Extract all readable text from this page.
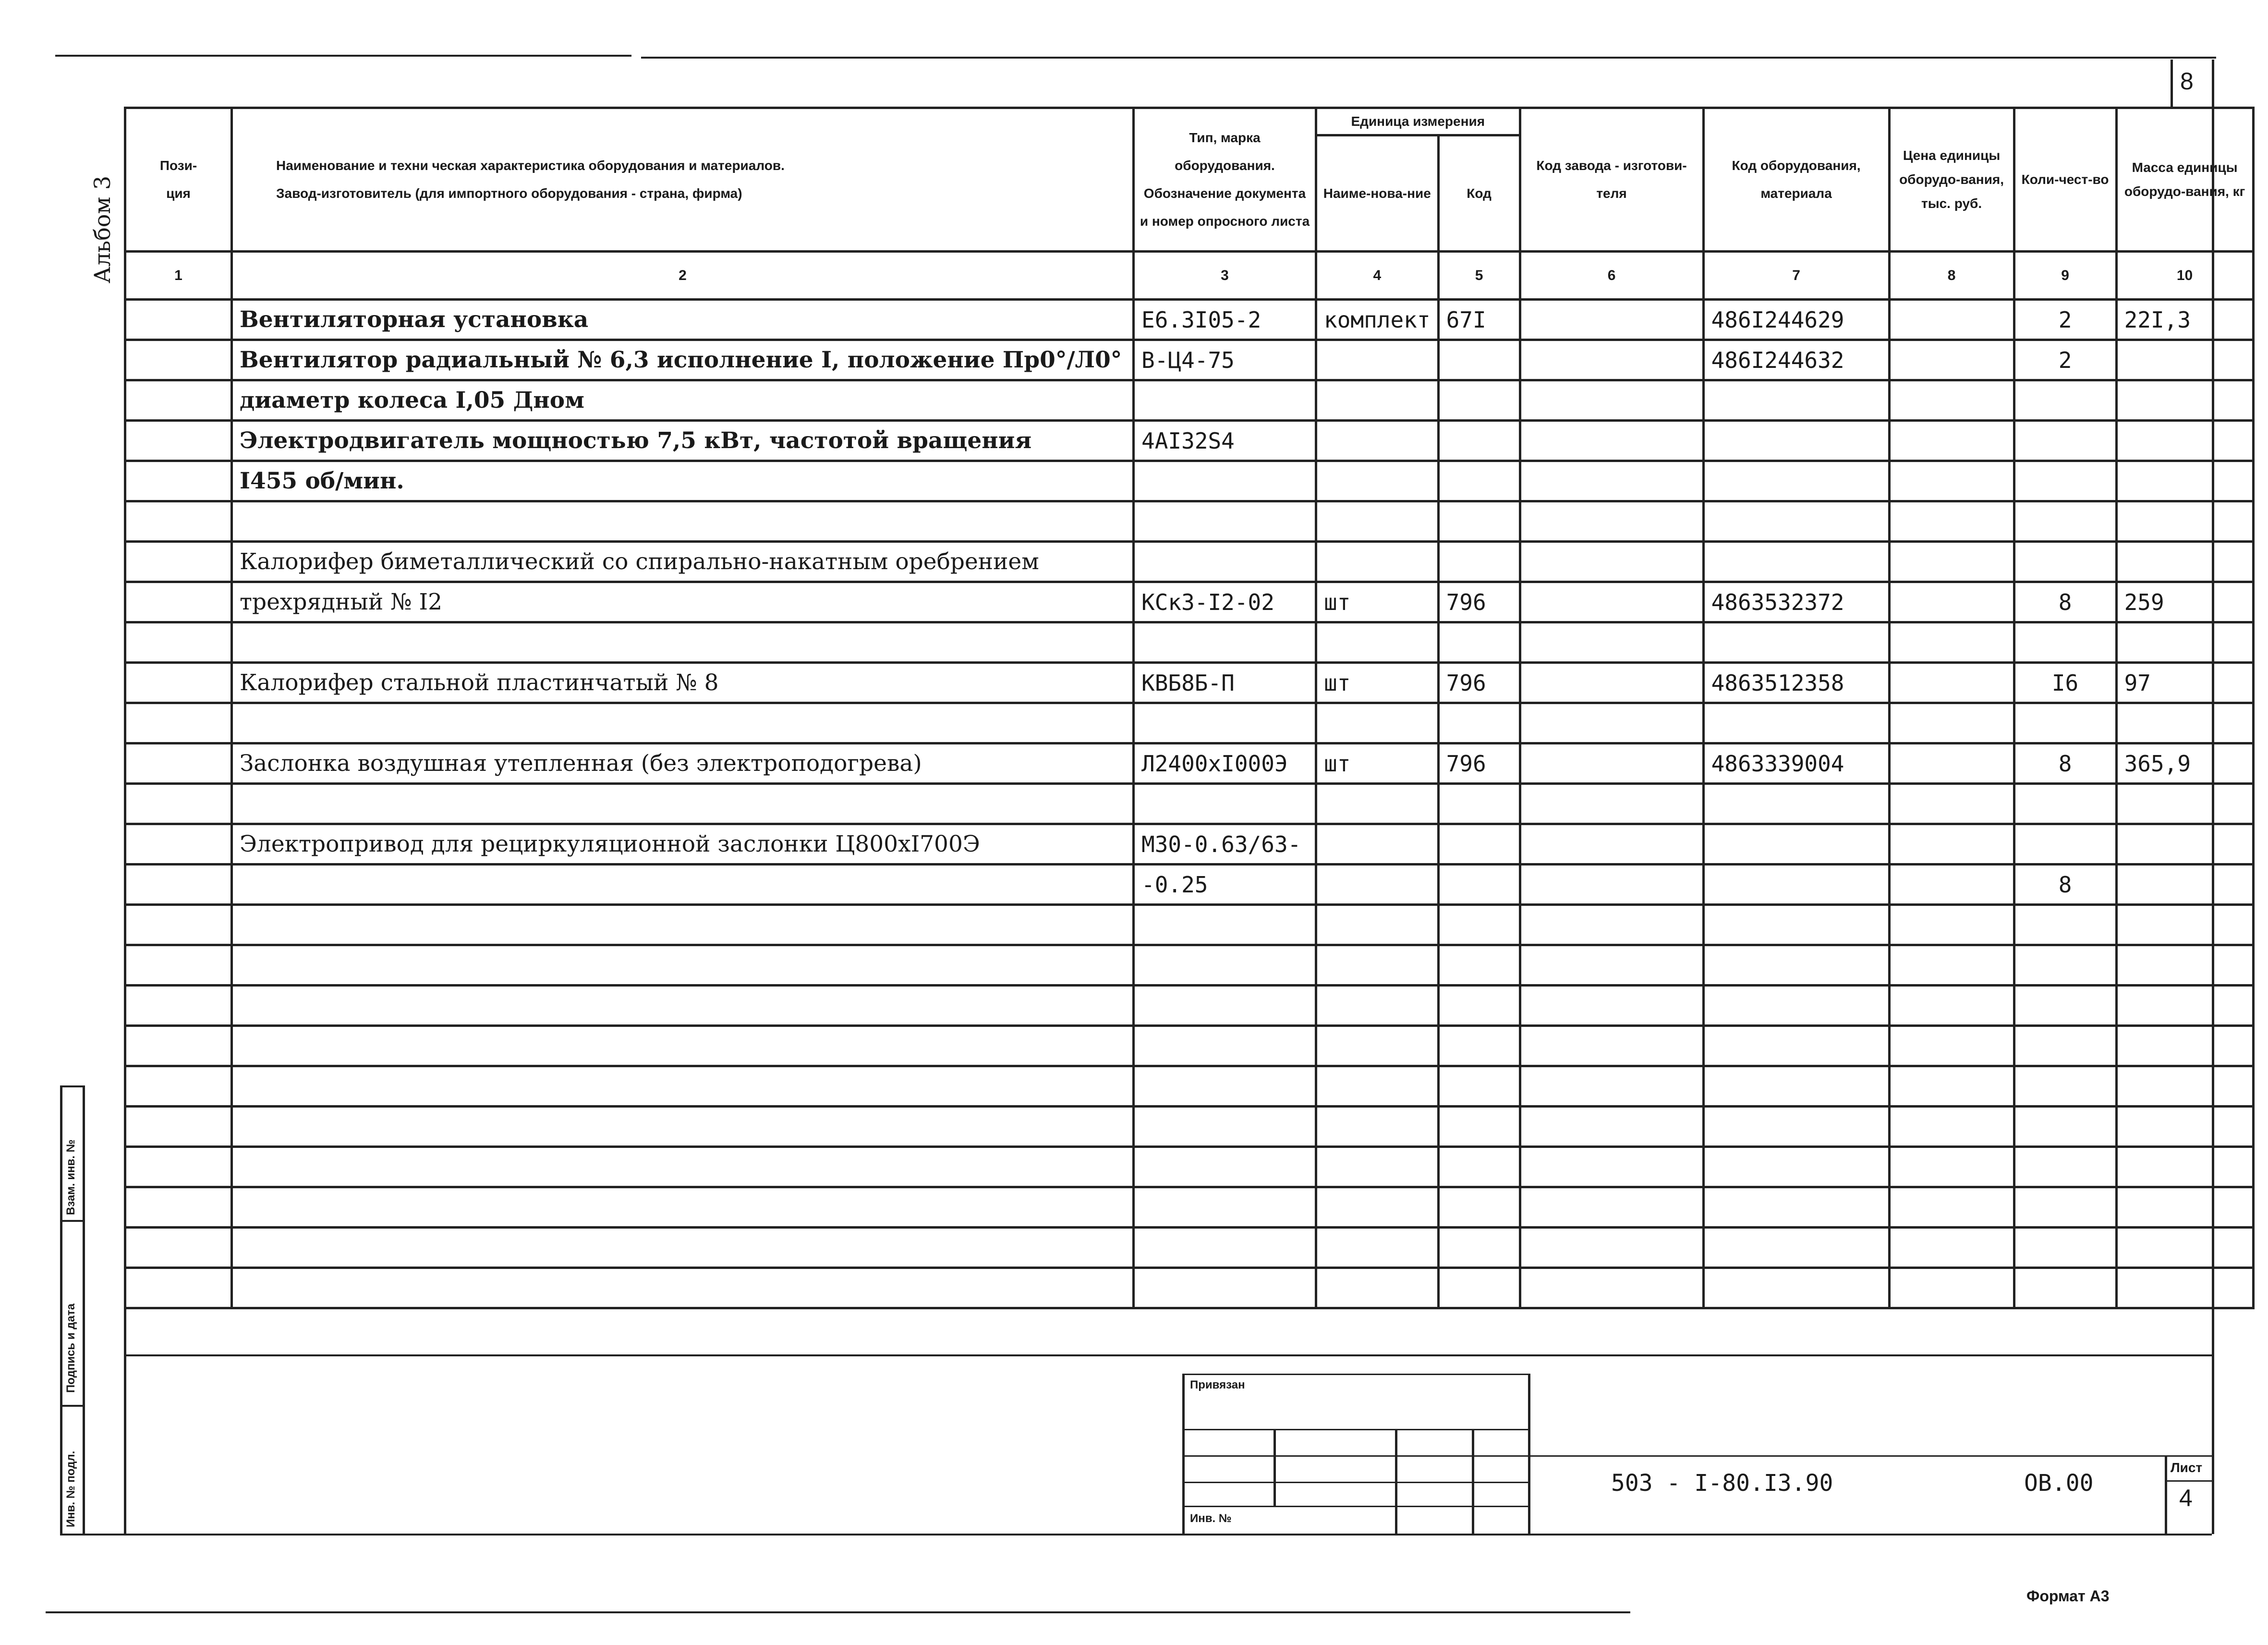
8
Альбом 3
Пози-
ция	Наименование и техни ческая характеристика оборудования и материалов.
Завод-изготовитель (для импортного оборудования - страна, фирма)	Тип, марка оборудования. Обозначение документа и номер опросного листа	Единица измерения		Код завода - изготови-теля	Код оборудования, материала	Цена единицы оборудо-вания, тыс. руб.	Коли-чест-во	Масса единицы оборудо-вания, кг
			Наиме-нова-ние	Код					
1	2	3	4	5	6	7	8	9	10
	Вентиляторная установка	Е6.3I05-2	комплект	67I		486I244629		2	22I,3
	Вентилятор радиальный № 6,3 исполнение I, положение Пр0°/Л0°	В-Ц4-75				486I244632		2	
	диаметр колеса I,05 Дном								
	Электродвигатель мощностью 7,5 кВт, частотой вращения	4АI32S4							
	I455 об/мин.								

	Калорифер биметаллический со спирально-накатным оребрением								
	трехрядный № I2	КСк3-I2-02	шт	796		4863532372		8	259

	Калорифер стальной пластинчатый № 8	КВБ8Б-П	шт	796		4863512358		I6	97

	Заслонка воздушная утепленная (без электроподогрева)	Л2400хI000Э	шт	796		4863339004		8	365,9

	Электропривод для рециркуляционной заслонки Ц800хI700Э	М30-0.63/63-							
		-0.25						8	

Взам. инв. №
Подпись и дата
Инв. № подл.
Привязан
Инв. №
503 - I-80.I3.90	ОВ.00
Лист
4
Формат А3
